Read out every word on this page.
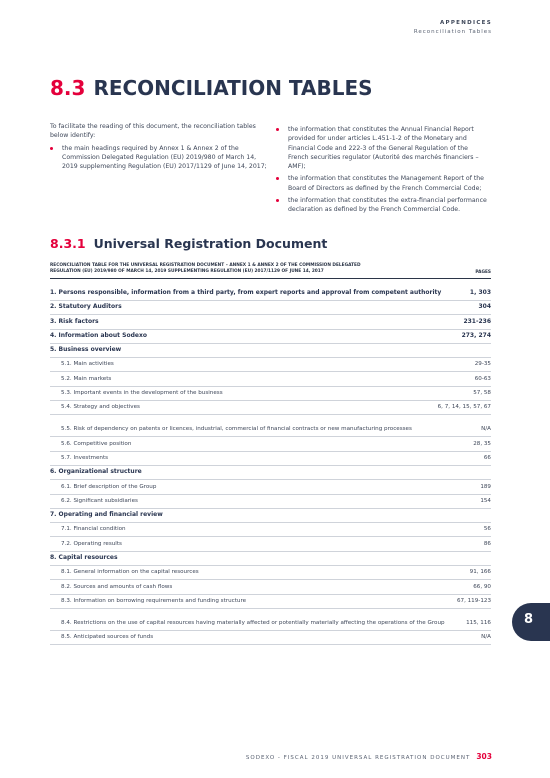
APPENDICES
Reconciliation Tables
8.3 RECONCILIATION TABLES

To facilitate the reading of this document, the reconciliation tables below identify:

the main headings required by Annex 1 & Annex 2 of the Commission Delegated Regulation (EU) 2019/980 of March 14, 2019 supplementing Regulation (EU) 2017/1129 of June 14, 2017;
the information that constitutes the Annual Financial Report provided for under articles L.451-1-2 of the Monetary and Financial Code and 222-3 of the General Regulation of the French securities regulator (Autorité des marchés financiers – AMF);
the information that constitutes the Management Report of the Board of Directors as defined by the French Commercial Code;
the information that constitutes the extra-financial performance declaration as defined by the French Commercial Code.
8.3.1 Universal Registration Document
RECONCILIATION TABLE FOR THE UNIVERSAL REGISTRATION DOCUMENT – ANNEX 1 & ANNEX 2 OF THE COMMISSION DELEGATED REGULATION (EU) 2019/980 OF MARCH 14, 2019 SUPPLEMENTING REGULATION (EU) 2017/1129 OF JUNE 14, 2017	PAGES
1. Persons responsible, information from a third party, from expert reports and approval from competent authority	1, 303
2. Statutory Auditors	304
3. Risk factors	231-236
4. Information about Sodexo	273, 274
5. Business overview
5.1. Main activities	29-35
5.2. Main markets	60-63
5.3. Important events in the development of the business	57, 58
5.4. Strategy and objectives	6, 7, 14, 15, 57, 67
5.5. Risk of dependency on patents or licences, industrial, commercial of financial contracts or new manufacturing processes	N/A
5.6. Competitive position	28, 35
5.7. Investments	66
6. Organizational structure
6.1. Brief description of the Group	189
6.2. Significant subsidiaries	154
7. Operating and financial review
7.1. Financial condition	56
7.2. Operating results	86
8. Capital resources
8.1. General information on the capital resources	91, 166
8.2. Sources and amounts of cash flows	66, 90
8.3. Information on borrowing requirements and funding structure	67, 119-123
8.4. Restrictions on the use of capital resources having materially affected or potentially materially affecting the operations of the Group	115, 116
8.5. Anticipated sources of funds	N/A
8
SODEXO - FISCAL 2019 UNIVERSAL REGISTRATION DOCUMENT 303
